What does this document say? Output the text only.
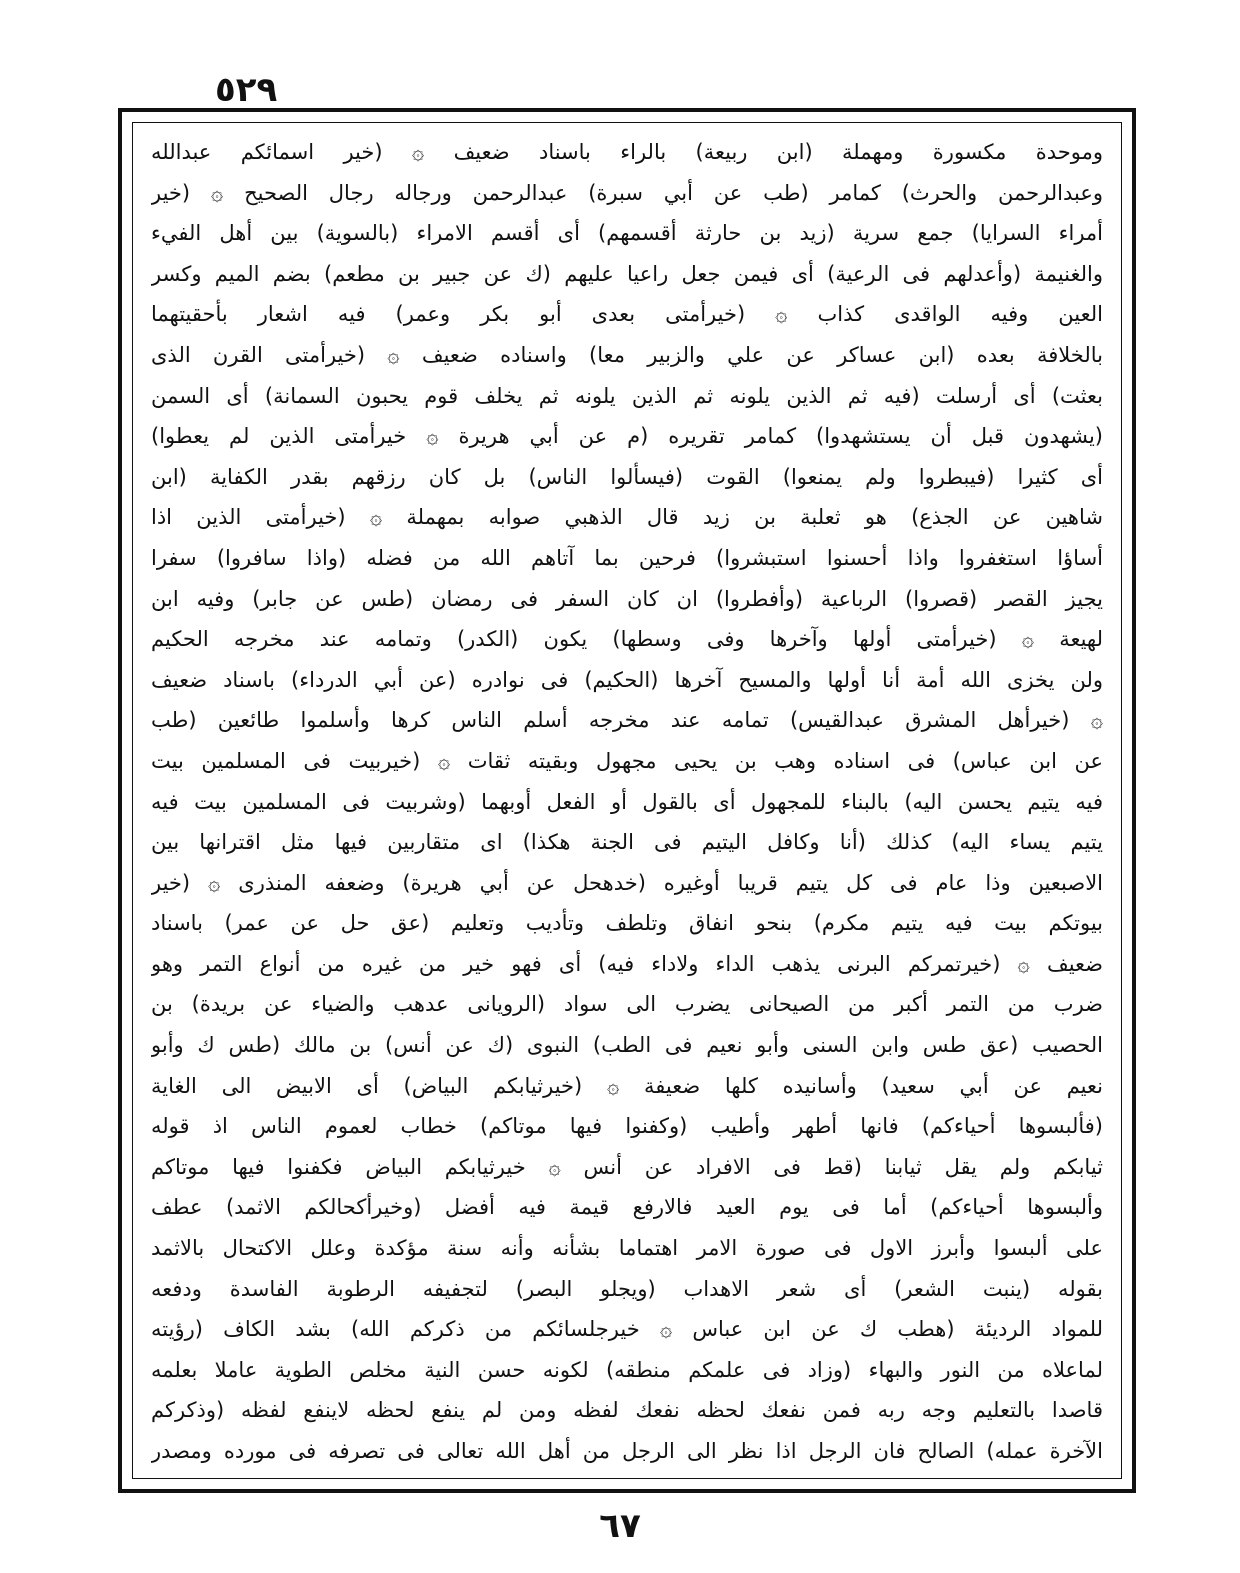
٥٢٩
وموحدة مكسورة ومهملة (ابن ربيعة) بالراء باسناد ضعيف ۞ (خير اسمائكم عبدالله
وعبدالرحمن والحرث) كمامر (طب عن أبي سبرة) عبدالرحمن ورجاله رجال الصحيح ۞ (خير
أمراء السرايا) جمع سرية (زيد بن حارثة أقسمهم) أى أقسم الامراء (بالسوية) بين أهل الفيء
والغنيمة (وأعدلهم فى الرعية) أى فيمن جعل راعيا عليهم (ك عن جبير بن مطعم) بضم الميم وكسر
العين وفيه الواقدى كذاب ۞ (خيرأمتى بعدى أبو بكر وعمر) فيه اشعار بأحقيتهما
بالخلافة بعده (ابن عساكر عن علي والزبير معا) واسناده ضعيف ۞ (خيرأمتى القرن الذى
بعثت) أى أرسلت (فيه ثم الذين يلونه ثم الذين يلونه ثم يخلف قوم يحبون السمانة) أى السمن
(يشهدون قبل أن يستشهدوا) كمامر تقريره (م عن أبي هريرة ۞ خيرأمتى الذين لم يعطوا)
أى كثيرا (فيبطروا ولم يمنعوا) القوت (فيسألوا الناس) بل كان رزقهم بقدر الكفاية (ابن
شاهين عن الجذع) هو ثعلبة بن زيد قال الذهبي صوابه بمهملة ۞ (خيرأمتى الذين اذا
أساؤا استغفروا واذا أحسنوا استبشروا) فرحين بما آتاهم الله من فضله (واذا سافروا) سفرا
يجيز القصر (قصروا) الرباعية (وأفطروا) ان كان السفر فى رمضان (طس عن جابر) وفيه ابن
لهيعة ۞ (خيرأمتى أولها وآخرها وفى وسطها) يكون (الكدر) وتمامه عند مخرجه الحكيم
ولن يخزى الله أمة أنا أولها والمسيح آخرها (الحكيم) فى نوادره (عن أبي الدرداء) باسناد ضعيف
۞ (خيرأهل المشرق عبدالقيس) تمامه عند مخرجه أسلم الناس كرها وأسلموا طائعين (طب
عن ابن عباس) فى اسناده وهب بن يحيى مجهول وبقيته ثقات ۞ (خيربيت فى المسلمين بيت
فيه يتيم يحسن اليه) بالبناء للمجهول أى بالقول أو الفعل أوبهما (وشربيت فى المسلمين بيت فيه
يتيم يساء اليه) كذلك (أنا وكافل اليتيم فى الجنة هكذا) اى متقاربين فيها مثل اقترانها بين
الاصبعين وذا عام فى كل يتيم قريبا أوغيره (خدهحل عن أبي هريرة) وضعفه المنذرى ۞ (خير
بيوتكم بيت فيه يتيم مكرم) بنحو انفاق وتلطف وتأديب وتعليم (عق حل عن عمر) باسناد
ضعيف ۞ (خيرتمركم البرنى يذهب الداء ولاداء فيه) أى فهو خير من غيره من أنواع التمر وهو
ضرب من التمر أكبر من الصيحانى يضرب الى سواد (الرويانى عدهب والضياء عن بريدة) بن
الحصيب (عق طس وابن السنى وأبو نعيم فى الطب) النبوى (ك عن أنس) بن مالك (طس ك وأبو
نعيم عن أبي سعيد) وأسانيده كلها ضعيفة ۞ (خيرثيابكم البياض) أى الابيض الى الغاية
(فألبسوها أحياءكم) فانها أطهر وأطيب (وكفنوا فيها موتاكم) خطاب لعموم الناس اذ قوله
ثيابكم ولم يقل ثيابنا (قط فى الافراد عن أنس ۞ خيرثيابكم البياض فكفنوا فيها موتاكم
وألبسوها أحياءكم) أما فى يوم العيد فالارفع قيمة فيه أفضل (وخيرأكحالكم الاثمد) عطف
على ألبسوا وأبرز الاول فى صورة الامر اهتماما بشأنه وأنه سنة مؤكدة وعلل الاكتحال بالاثمد
بقوله (ينبت الشعر) أى شعر الاهداب (ويجلو البصر) لتجفيفه الرطوبة الفاسدة ودفعه
للمواد الرديئة (هطب ك عن ابن عباس ۞ خيرجلسائكم من ذكركم الله) بشد الكاف (رؤيته
لماعلاه من النور والبهاء (وزاد فى علمكم منطقه) لكونه حسن النية مخلص الطوية عاملا بعلمه
قاصدا بالتعليم وجه ربه فمن نفعك لحظه نفعك لفظه ومن لم ينفع لحظه لاينفع لفظه (وذكركم
الآخرة عمله) الصالح فان الرجل اذا نظر الى الرجل من أهل الله تعالى فى تصرفه فى مورده ومصدر
٦٧
